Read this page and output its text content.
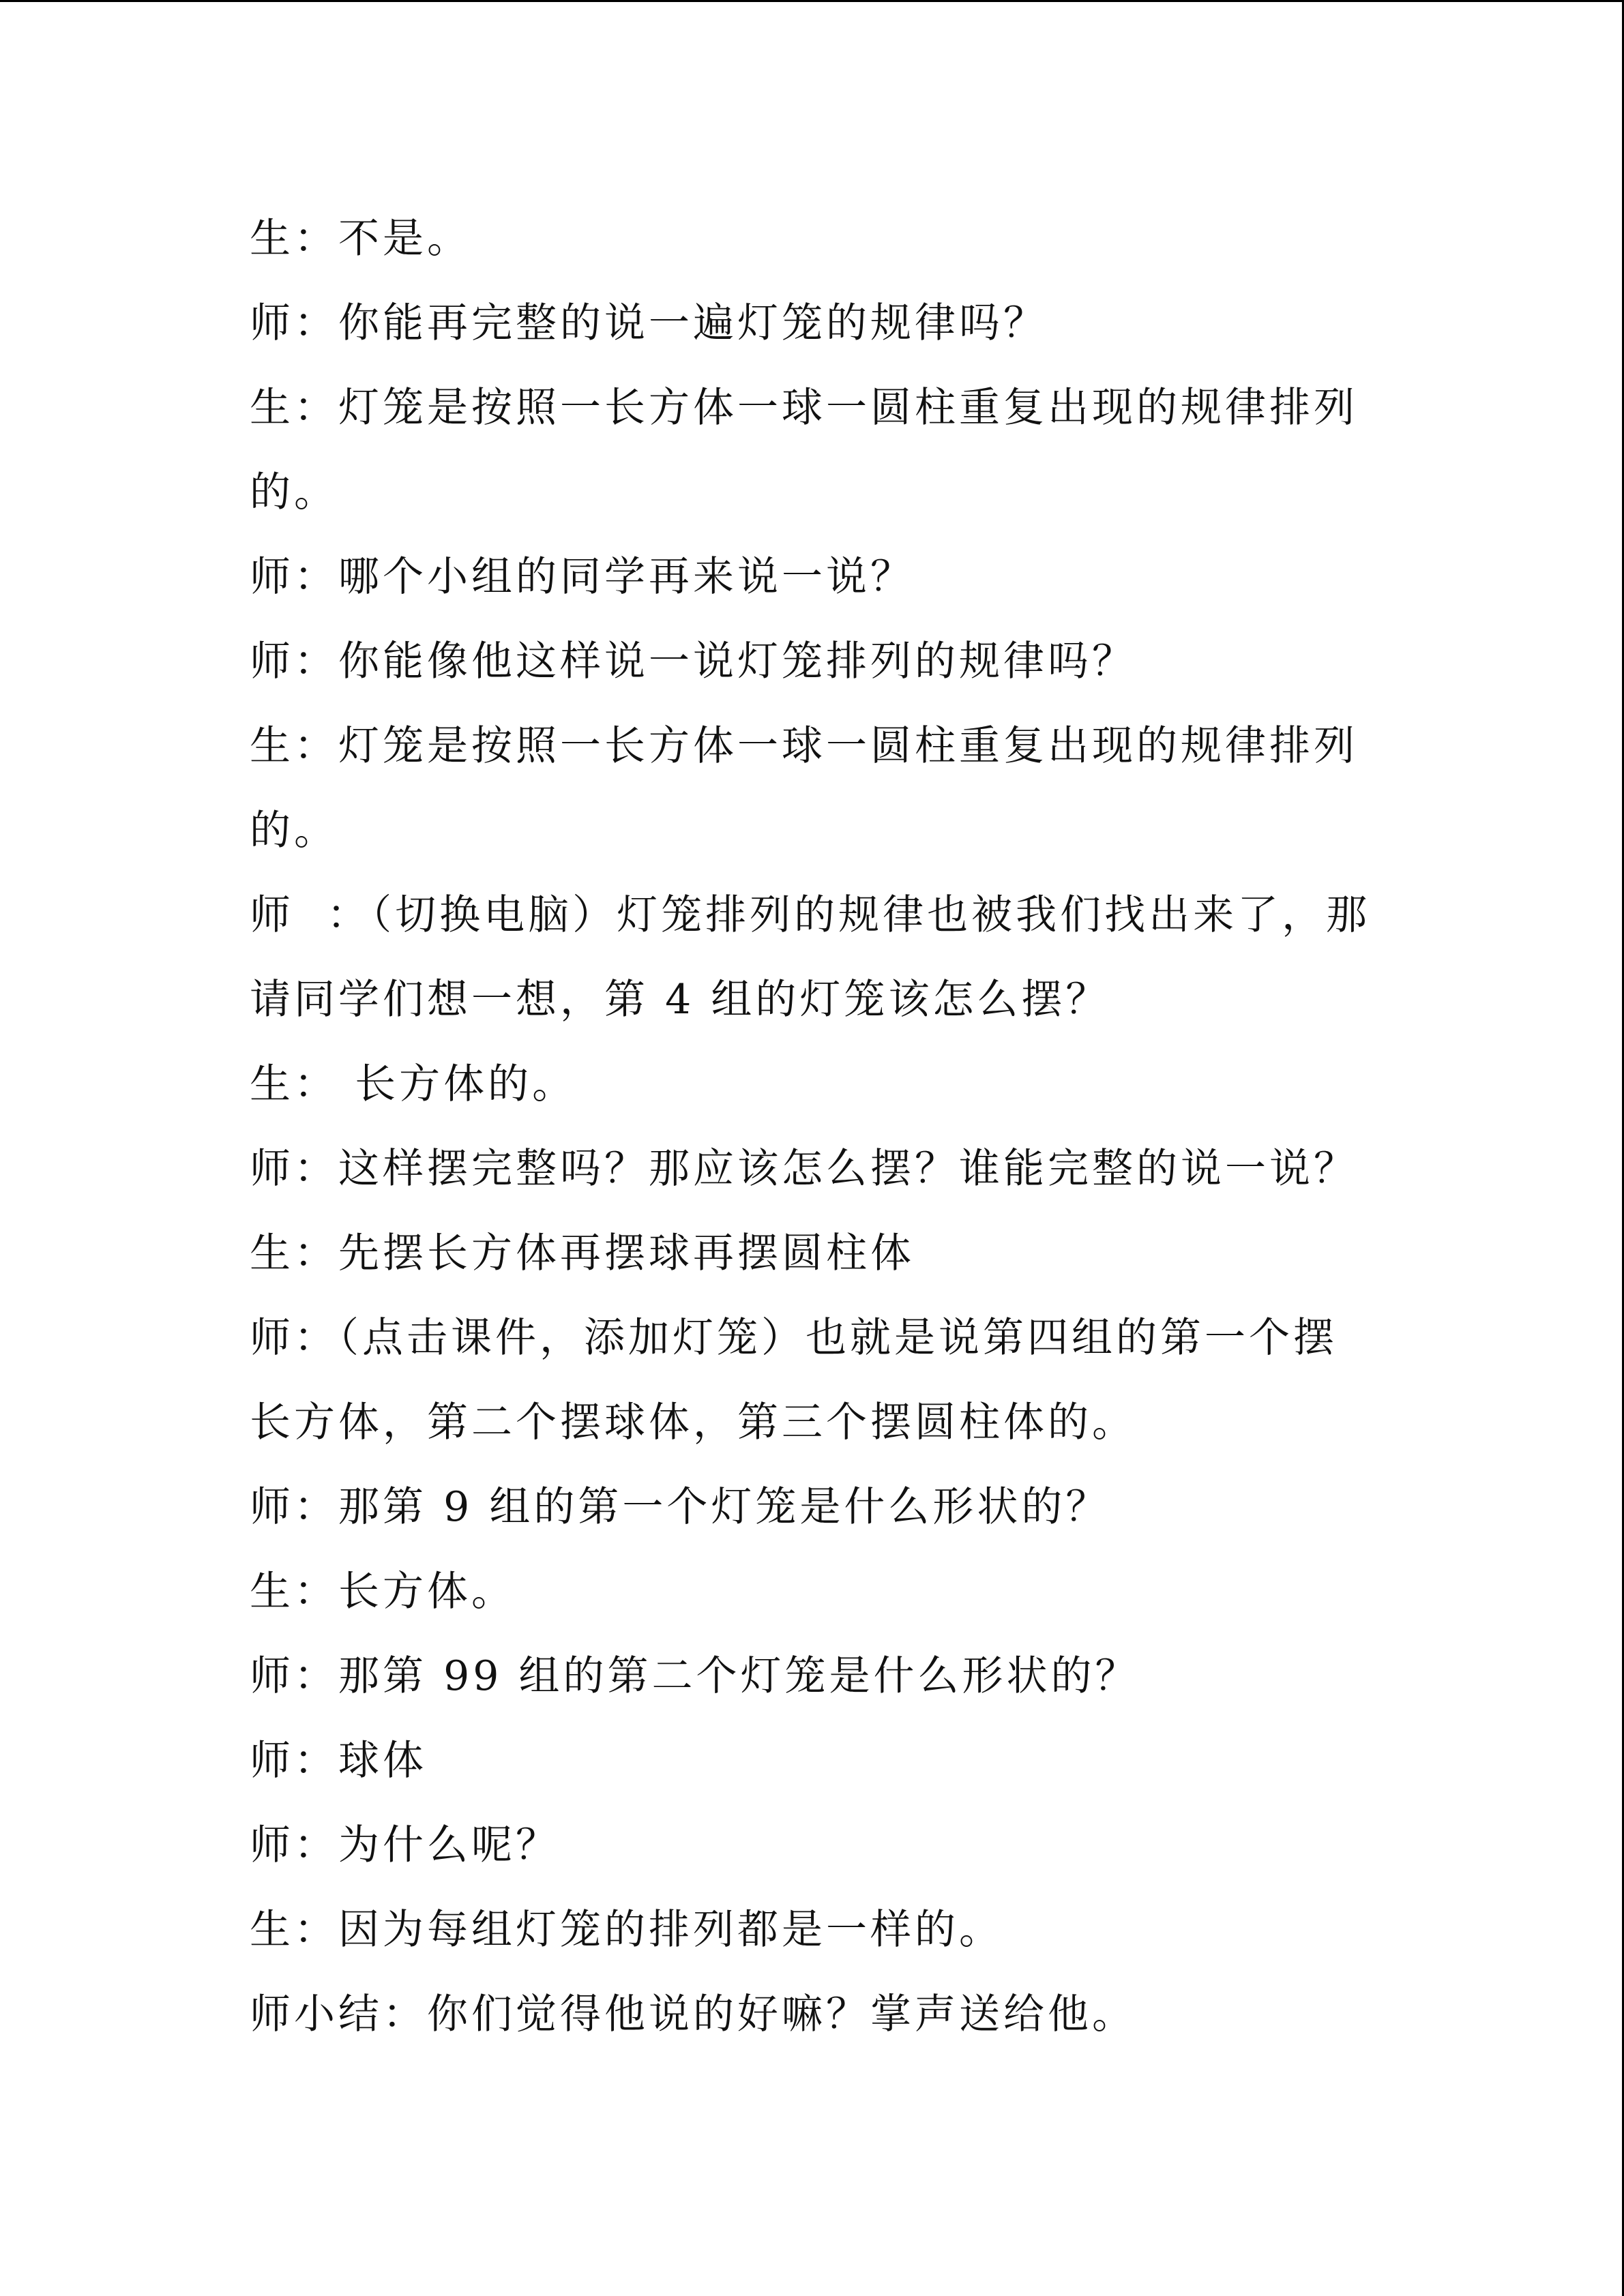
生：不是。
师：你能再完整的说一遍灯笼的规律吗？
生：灯笼是按照一长方体一球一圆柱重复出现的规律排列
的。
师：哪个小组的同学再来说一说？
师：你能像他这样说一说灯笼排列的规律吗？
生：灯笼是按照一长方体一球一圆柱重复出现的规律排列
的。
师  ：（切换电脑）灯笼排列的规律也被我们找出来了，那
请同学们想一想，第 4 组的灯笼该怎么摆？
生： 长方体的。
师：这样摆完整吗？那应该怎么摆？谁能完整的说一说？
生：先摆长方体再摆球再摆圆柱体
师：（点击课件，添加灯笼）也就是说第四组的第一个摆
长方体，第二个摆球体，第三个摆圆柱体的。
师：那第 9 组的第一个灯笼是什么形状的？
生：长方体。
师：那第 99 组的第二个灯笼是什么形状的？
师：球体
师：为什么呢？
生：因为每组灯笼的排列都是一样的。
师小结：你们觉得他说的好嘛？掌声送给他。
